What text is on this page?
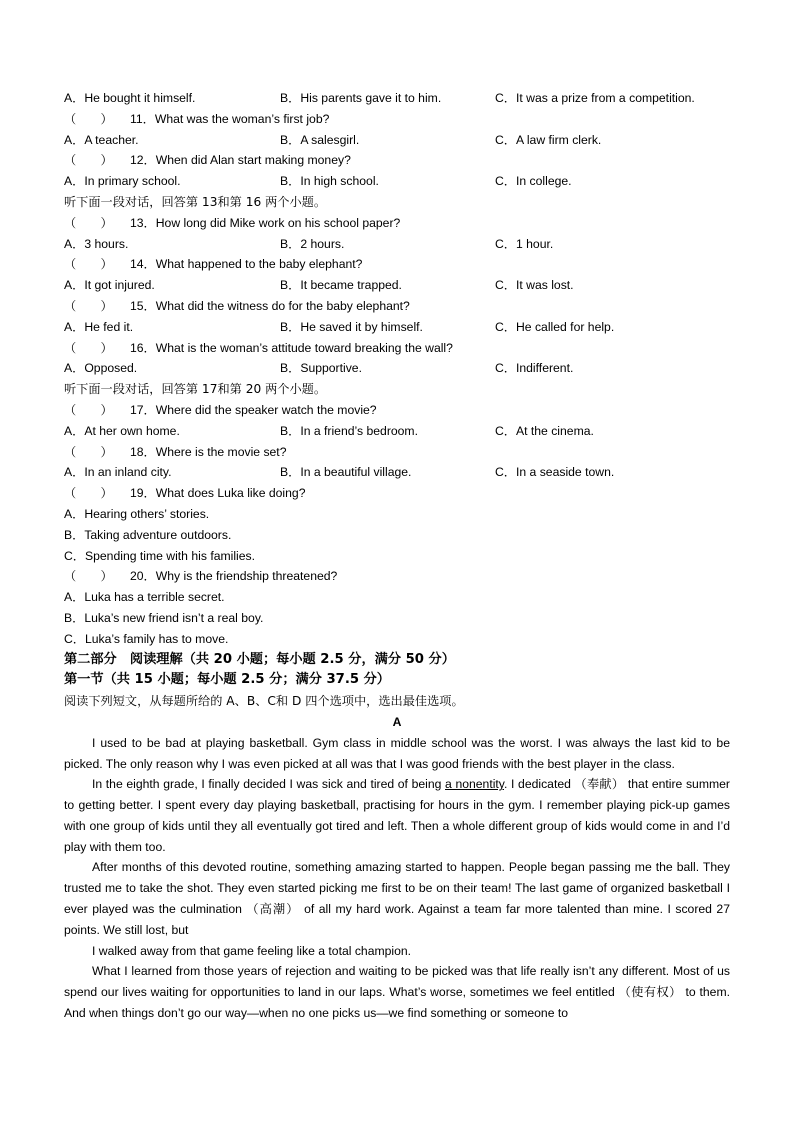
A．He bought it himself.	B．His parents gave it to him.	C．It was a prize from a competition.
（　　） 11．What was the woman’s first job?
A．A teacher.	B．A salesgirl.	C．A law firm clerk.
（　　） 12．When did Alan start making money?
A．In primary school.	B．In high school.	C．In college.
听下面一段对话，回答第 13和第 16 两个小题。
（　　） 13．How long did Mike work on his school paper?
A．3 hours.	B．2 hours.	C．1 hour.
（　　） 14．What happened to the baby elephant?
A．It got injured.	B．It became trapped.	C．It was lost.
（　　） 15．What did the witness do for the baby elephant?
A．He fed it.	B．He saved it by himself.	C．He called for help.
（　　） 16．What is the woman’s attitude toward breaking the wall?
A．Opposed.	B．Supportive.	C．Indifferent.
听下面一段对话，回答第 17和第 20 两个小题。
（　　） 17．Where did the speaker watch the movie?
A．At her own home.	B．In a friend’s bedroom.	C．At the cinema.
（　　） 18．Where is the movie set?
A．In an inland city.	B．In a beautiful village.	C．In a seaside town.
（　　） 19．What does Luka like doing?
A．Hearing others’ stories.
B．Taking adventure outdoors.
C．Spending time with his families.
（　　） 20．Why is the friendship threatened?
A．Luka has a terrible secret.
B．Luka’s new friend isn’t a real boy.
C．Luka’s family has to move.
第二部分　阅读理解（共 20 小题；每小题 2.5 分，满分 50 分）
第一节（共 15 小题；每小题 2.5 分；满分 37.5 分）
阅读下列短文，从每题所给的 A、B、C和 D 四个选项中，选出最佳选项。
A

I used to be bad at playing basketball. Gym class in middle school was the worst. I was always the last kid to be picked. The only reason why I was even picked at all was that I was good friends with the best player in the class.

In the eighth grade, I finally decided I was sick and tired of being a nonentity. I dedicated （奉献） that entire summer to getting better. I spent every day playing basketball, practising for hours in the gym. I remember playing pick-up games with one group of kids until they all eventually got tired and left. Then a whole different group of kids would come in and I’d play with them too.

After months of this devoted routine, something amazing started to happen. People began passing me the ball. They trusted me to take the shot. They even started picking me first to be on their team! The last game of organized basketball I ever played was the culmination （高潮） of all my hard work. Against a team far more talented than mine. I scored 27 points. We still lost, but

I walked away from that game feeling like a total champion.

What I learned from those years of rejection and waiting to be picked was that life really isn’t any different. Most of us spend our lives waiting for opportunities to land in our laps. What’s worse, sometimes we feel entitled （使有权） to them. And when things don’t go our way—when no one picks us—we find something or someone to
